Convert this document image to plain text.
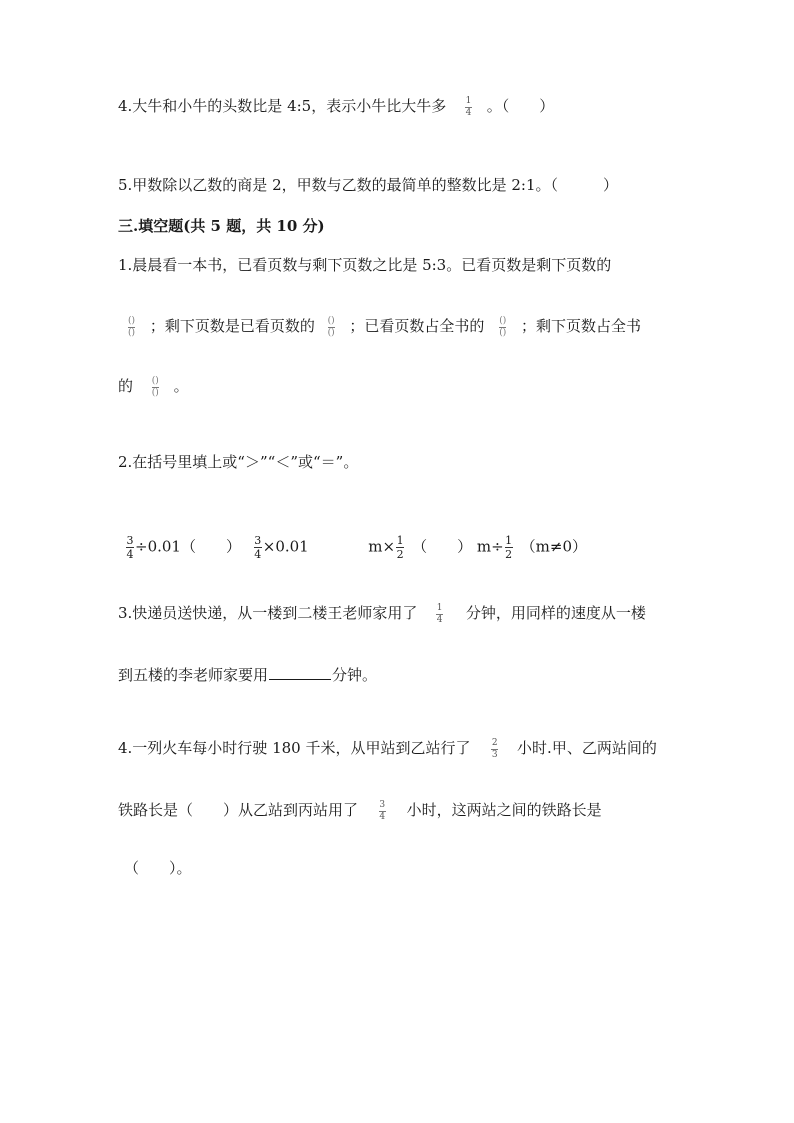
4.大牛和小牛的头数比是 4:5，表示小牛比大牛多 $\frac{1}{4}$ 。（　　）
5.甲数除以乙数的商是 2，甲数与乙数的最简单的整数比是 2:1。（　　　）
三.填空题(共 5 题，共 10 分)
1.晨晨看一本书，已看页数与剩下页数之比是 5:3。已看页数是剩下页数的
$\frac{()}{()}$ ；剩下页数是已看页数的 $\frac{()}{()}$ ；已看页数占全书的 $\frac{()}{()}$ ；剩下页数占全书
的 $\frac{()}{()}$ 。
2.在括号里填上或“＞”“＜”或“＝”。
$\frac{3}{4} \div 0.01$（　　） $\frac{3}{4} \times 0.01$	$m\times \frac{1}{2}$ （　　） $m\div \frac{1}{2} (m\ne 0)$
3.快递员送快递，从一楼到二楼王老师家用了 $\frac{1}{4}$ 分钟，用同样的速度从一楼
到五楼的李老师家要用	分钟。
4.一列火车每小时行驶 180 千米，从甲站到乙站行了 $\frac{2}{3}$ 小时.甲、乙两站间的
铁路长是（　　）从乙站到丙站用了 $\frac{3}{4}$ 小时，这两站之间的铁路长是
（　　）。
